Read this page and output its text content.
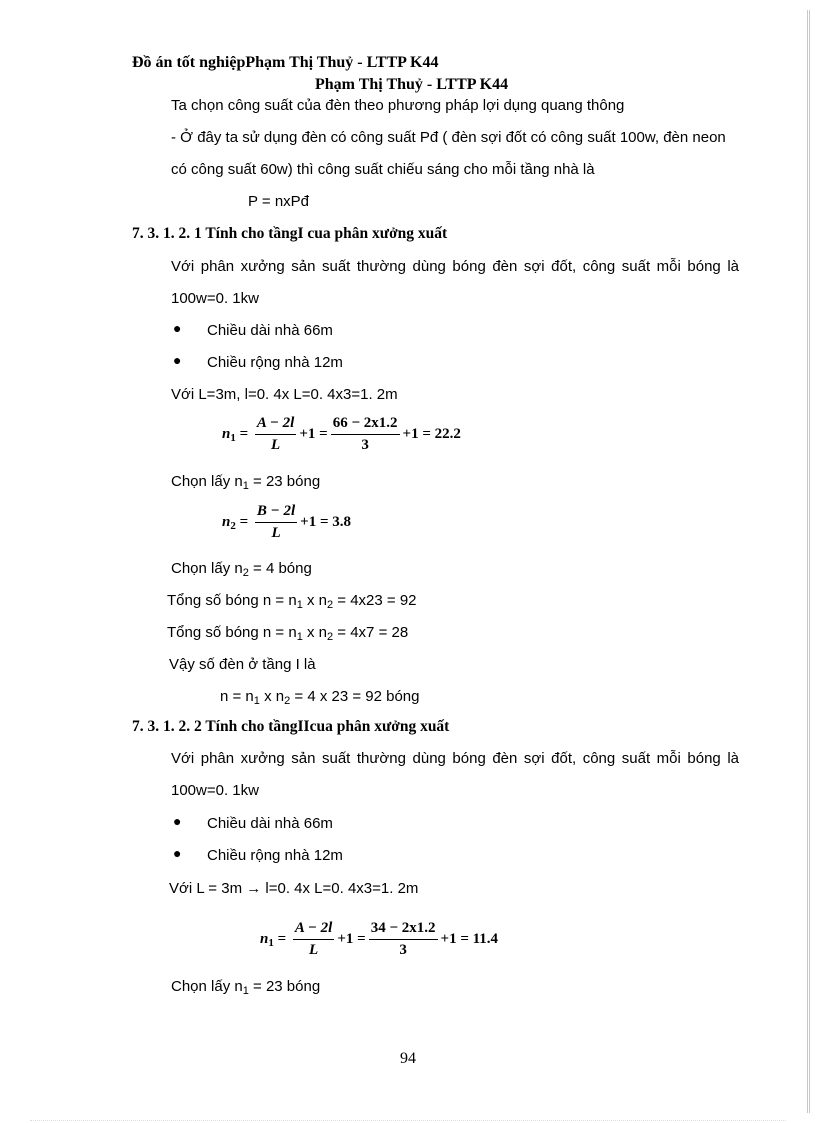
Đồ án tốt nghiệpPhạm Thị Thuỷ - LTTP K44
Phạm Thị Thuỷ - LTTP K44
Ta chọn công suất của đèn theo phương pháp lợi dụng quang thông
- Ở đây ta sử dụng đèn có công suất Pđ ( đèn sợi đốt có công suất 100w, đèn neon
có công suất 60w) thì công suất chiếu sáng cho mỗi tầng nhà là
P = nxPđ
7. 3. 1. 2. 1 Tính cho tầngI cua phân xưởng xuất
Với phân xưởng sản suất thường dùng bóng đèn sợi đốt, công suất mỗi bóng là
100w=0. 1kw
● Chiều dài nhà 66m
● Chiều rộng nhà 12m
Với L=3m, l=0. 4x L=0. 4x3=1. 2m
$n_1 = \frac{A - 2l}{L} +1 = \frac{66 - 2x1.2}{3} +1 = 22.2$
Chọn lấy $n_1 = 23$ bóng
$n_2 = \frac{B - 2l}{L} +1 = 3.8$
Chọn lấy $n_2 = 4$ bóng
Tổng số bóng $n = n_1$ x $n_2 = 4x23 = 92$
Tổng số bóng $n = n_1$ x $n_2 = 4x7 = 28$
Vậy số đèn ở tầng I là
$n = n_1$ x $n_2 = 4$ x 23 = 92 bóng
7. 3. 1. 2. 2 Tính cho tầngIIcua phân xưởng xuất
Với phân xưởng sản suất thường dùng bóng đèn sợi đốt, công suất mỗi bóng là
100w=0. 1kw
● Chiều dài nhà 66m
● Chiều rộng nhà 12m
Với L = 3m → l=0. 4x L=0. 4x3=1. 2m
$n_1 = \frac{A - 2l}{L} +1 = \frac{34 - 2x1.2}{3} +1 = 11.4$
Chọn lấy $n_1 = 23$ bóng
94
